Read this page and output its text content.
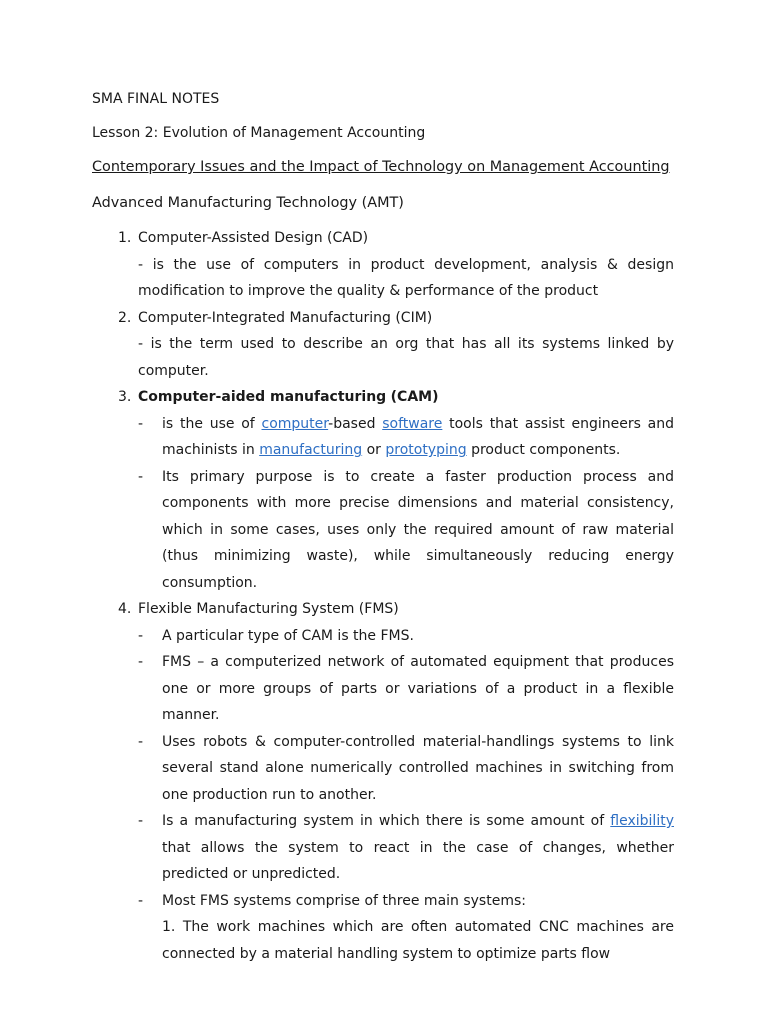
SMA FINAL NOTES

Lesson 2: Evolution of Management Accounting

Contemporary Issues and the Impact of Technology on Management Accounting

Advanced Manufacturing Technology (AMT)

1. Computer-Assisted Design (CAD)

- is the use of computers in product development, analysis & design modification to improve the quality & performance of the product

2. Computer-Integrated Manufacturing (CIM)

- is the term used to describe an org that has all its systems linked by computer.

3. Computer-aided manufacturing (CAM)

-	is the use of computer-based software tools that assist engineers and machinists in manufacturing or prototyping product components.
-	Its primary purpose is to create a faster production process and components with more precise dimensions and material consistency, which in some cases, uses only the required amount of raw material (thus minimizing waste), while simultaneously reducing energy consumption.
4. Flexible Manufacturing System (FMS)

-	A particular type of CAM is the FMS.
-	FMS – a computerized network of automated equipment that produces one or more groups of parts or variations of a product in a flexible manner.
-	Uses robots & computer-controlled material-handlings systems to link several stand alone numerically controlled machines in switching from one production run to another.
-	Is a manufacturing system in which there is some amount of flexibility that allows the system to react in the case of changes, whether predicted or unpredicted.
-	Most FMS systems comprise of three main systems:

1. The work machines which are often automated CNC machines are connected by a material handling system to optimize parts flow
